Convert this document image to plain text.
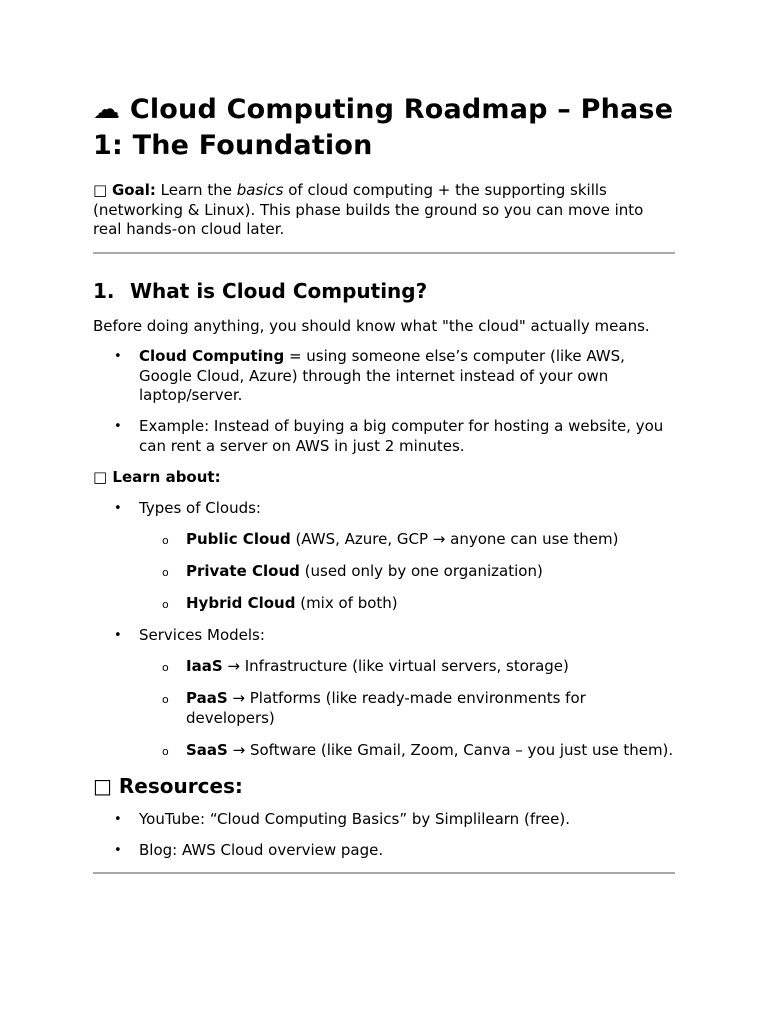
☁ Cloud Computing Roadmap – Phase 1: The Foundation

□ Goal: Learn the basics of cloud computing + the supporting skills (networking & Linux). This phase builds the ground so you can move into real hands-on cloud later.

1. What is Cloud Computing?

Before doing anything, you should know what "the cloud" actually means.

• Cloud Computing = using someone else’s computer (like AWS, Google Cloud, Azure) through the internet instead of your own laptop/server.
• Example: Instead of buying a big computer for hosting a website, you can rent a server on AWS in just 2 minutes.

□ Learn about:

• Types of Clouds:
o Public Cloud (AWS, Azure, GCP → anyone can use them)
o Private Cloud (used only by one organization)
o Hybrid Cloud (mix of both)
• Services Models:
o IaaS → Infrastructure (like virtual servers, storage)
o PaaS → Platforms (like ready-made environments for developers)
o SaaS → Software (like Gmail, Zoom, Canva – you just use them).
□ Resources:
• YouTube: “Cloud Computing Basics” by Simplilearn (free).
• Blog: AWS Cloud overview page.
